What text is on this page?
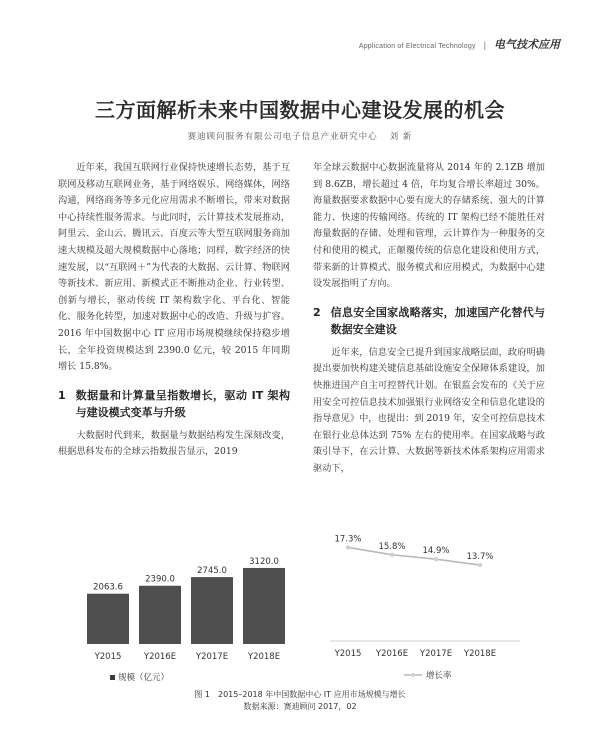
Application of Electrical Technology | 电气技术应用
三方面解析未来中国数据中心建设发展的机会
赛迪顾问服务有限公司电子信息产业研究中心 刘 新

近年来，我国互联网行业保持快速增长态势，基于互联网及移动互联网业务，基于网络娱乐、网络媒体，网络沟通，网络商务等多元化应用需求不断增长，带来对数据中心持续性服务需求。与此同时，云计算技术发展推动，阿里云、金山云、腾讯云、百度云等大型互联网服务商加速大规模及超大规模数据中心落地；同样，数字经济的快速发展，以“互联网＋”为代表的大数据、云计算、物联网等新技术、新应用、新模式正不断推动企业、行业转型、创新与增长，驱动传统 IT 架构数字化、平台化、智能化、服务化转型，加速对数据中心的改造、升级与扩容。2016 年中国数据中心 IT 应用市场规模继续保持稳步增长，全年投资规模达到 2390.0 亿元，较 2015 年同期增长 15.8%。

1 数据量和计算量呈指数增长，驱动 IT 架构与建设模式变革与升级

大数据时代到来，数据量与数据结构发生深刻改变，根据思科发布的全球云指数报告显示，2019

年全球云数据中心数据流量将从 2014 年的 2.1ZB 增加到 8.6ZB，增长超过 4 倍，年均复合增长率超过 30%。海量数据要求数据中心要有庞大的存储系统、强大的计算能力、快速的传输网络。传统的 IT 架构已经不能胜任对海量数据的存储、处理和管理，云计算作为一种服务的交付和使用的模式，正颠覆传统的信息化建设和使用方式，带来新的计算模式、服务模式和应用模式，为数据中心建设发展指明了方向。

2 信息安全国家战略落实，加速国产化替代与数据安全建设

近年来，信息安全已提升到国家战略层面，政府明确提出要加快构建关键信息基础设施安全保障体系建设，加快推进国产自主可控替代计划。在银监会发布的《关于应用安全可控信息技术加强银行业网络安全和信息化建设的指导意见》中，也提出：到 2019 年，安全可控信息技术在银行业总体达到 75% 左右的使用率。在国家战略与政策引导下，在云计算、大数据等新技术体系架构应用需求驱动下，

2063.6
Y2015
2390.0
Y2016E
2745.0
Y2017E
3120.0
Y2018E
规模（亿元）
17.3%
Y2015
15.8%
Y2016E
14.9%
Y2017E
13.7%
Y2018E
增长率
图 1　2015–2018 年中国数据中心 IT 应用市场规模与增长
数据来源：赛迪顾问 2017，02
